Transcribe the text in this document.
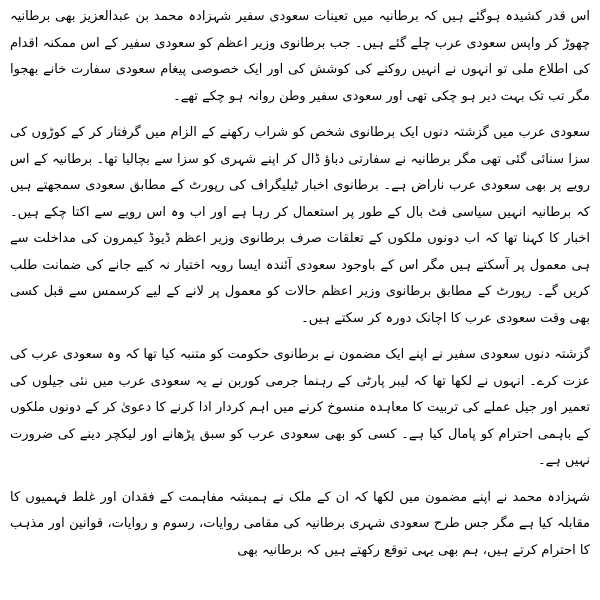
اس قدر کشیدہ ہوگئے ہیں کہ برطانیہ میں تعینات سعودی سفیر شہزادہ محمد بن عبدالعزیز بھی برطانیہ چھوڑ کر واپس سعودی عرب چلے گئے ہیں۔ جب برطانوی وزیر اعظم کو سعودی سفیر کے اس ممکنہ اقدام کی اطلاع ملی تو انہوں نے انہیں روکنے کی کوشش کی اور ایک خصوصی پیغام سعودی سفارت خانے بھجوا مگر تب تک بہت دیر ہو چکی تھی اور سعودی سفیر وطن روانہ ہو چکے تھے۔

سعودی عرب میں گزشتہ دنوں ایک برطانوی شخص کو شراب رکھنے کے الزام میں گرفتار کر کے کوڑوں کی سزا سنائی گئی تھی مگر برطانیہ نے سفارتی دباؤ ڈال کر اپنے شہری کو سزا سے بچالیا تھا۔ برطانیہ کے اس رویے پر بھی سعودی عرب ناراض ہے۔ برطانوی اخبار ٹیلیگراف کی رپورٹ کے مطابق سعودی سمجھتے ہیں کہ برطانیہ انہیں سیاسی فٹ بال کے طور پر استعمال کر رہا ہے اور اب وہ اس رویے سے اکتا چکے ہیں۔ اخبار کا کہنا تھا کہ اب دونوں ملکوں کے تعلقات صرف برطانوی وزیر اعظم ڈیوڈ کیمرون کی مداخلت سے ہی معمول پر آسکتے ہیں مگر اس کے باوجود سعودی آئندہ ایسا رویہ اختیار نہ کیے جانے کی ضمانت طلب کریں گے۔ رپورٹ کے مطابق برطانوی وزیر اعظم حالات کو معمول پر لانے کے لیے کرسمس سے قبل کسی بھی وقت سعودی عرب کا اچانک دورہ کر سکتے ہیں۔

گزشتہ دنوں سعودی سفیر نے اپنے ایک مضمون نے برطانوی حکومت کو متنبہ کیا تھا کہ وہ سعودی عرب کی عزت کرے۔ انہوں نے لکھا تھا کہ لیبر پارٹی کے رہنما جرمی کوربن نے یہ سعودی عرب میں نئی جیلوں کی تعمیر اور جیل عملے کی تربیت کا معاہدہ منسوخ کرنے میں اہم کردار ادا کرنے کا دعویٰ کر کے دونوں ملکوں کے باہمی احترام کو پامال کیا ہے۔ کسی کو بھی سعودی عرب کو سبق پڑھانے اور لیکچر دینے کی ضرورت نہیں ہے۔

شہزادہ محمد نے اپنے مضمون میں لکھا کہ ان کے ملک نے ہمیشہ مفاہمت کے فقدان اور غلط فہمیوں کا مقابلہ کیا ہے مگر جس طرح سعودی شہری برطانیہ کی مقامی روایات، رسوم و روایات، قوانین اور مذہب کا احترام کرتے ہیں، ہم بھی یہی توقع رکھتے ہیں کہ برطانیہ بھی
